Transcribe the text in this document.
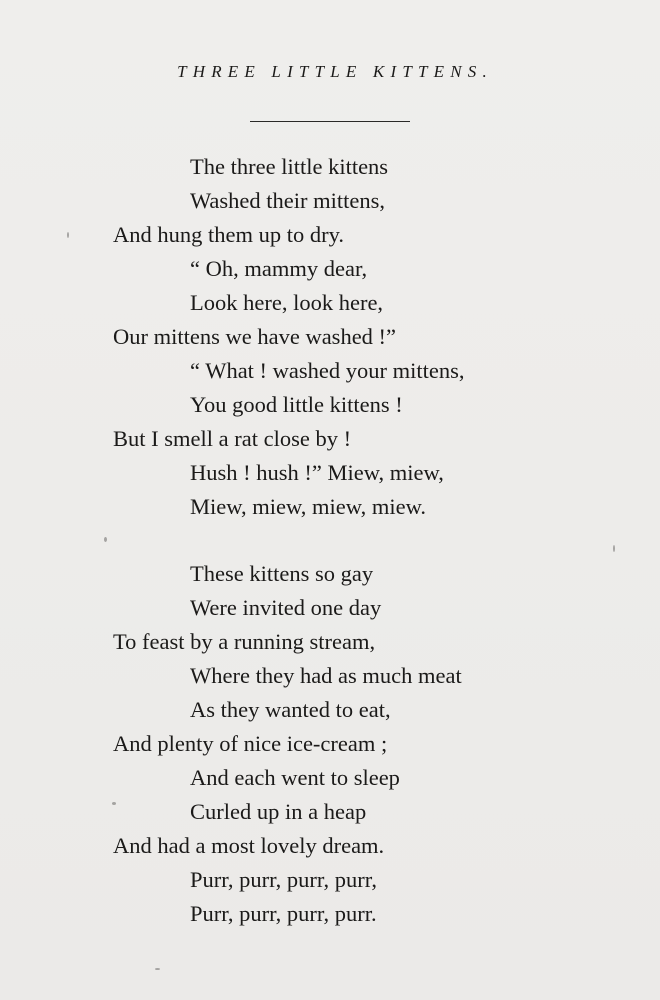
THREE LITTLE KITTENS.
The three little kittens
Washed their mittens,
And hung them up to dry.
“ Oh, mammy dear,
Look here, look here,
Our mittens we have washed !”
“ What ! washed your mittens,
You good little kittens !
But I smell a rat close by !
Hush ! hush !” Miew, miew,
Miew, miew, miew, miew.
These kittens so gay
Were invited one day
To feast by a running stream,
Where they had as much meat
As they wanted to eat,
And plenty of nice ice-cream ;
And each went to sleep
Curled up in a heap
And had a most lovely dream.
Purr, purr, purr, purr,
Purr, purr, purr, purr.
